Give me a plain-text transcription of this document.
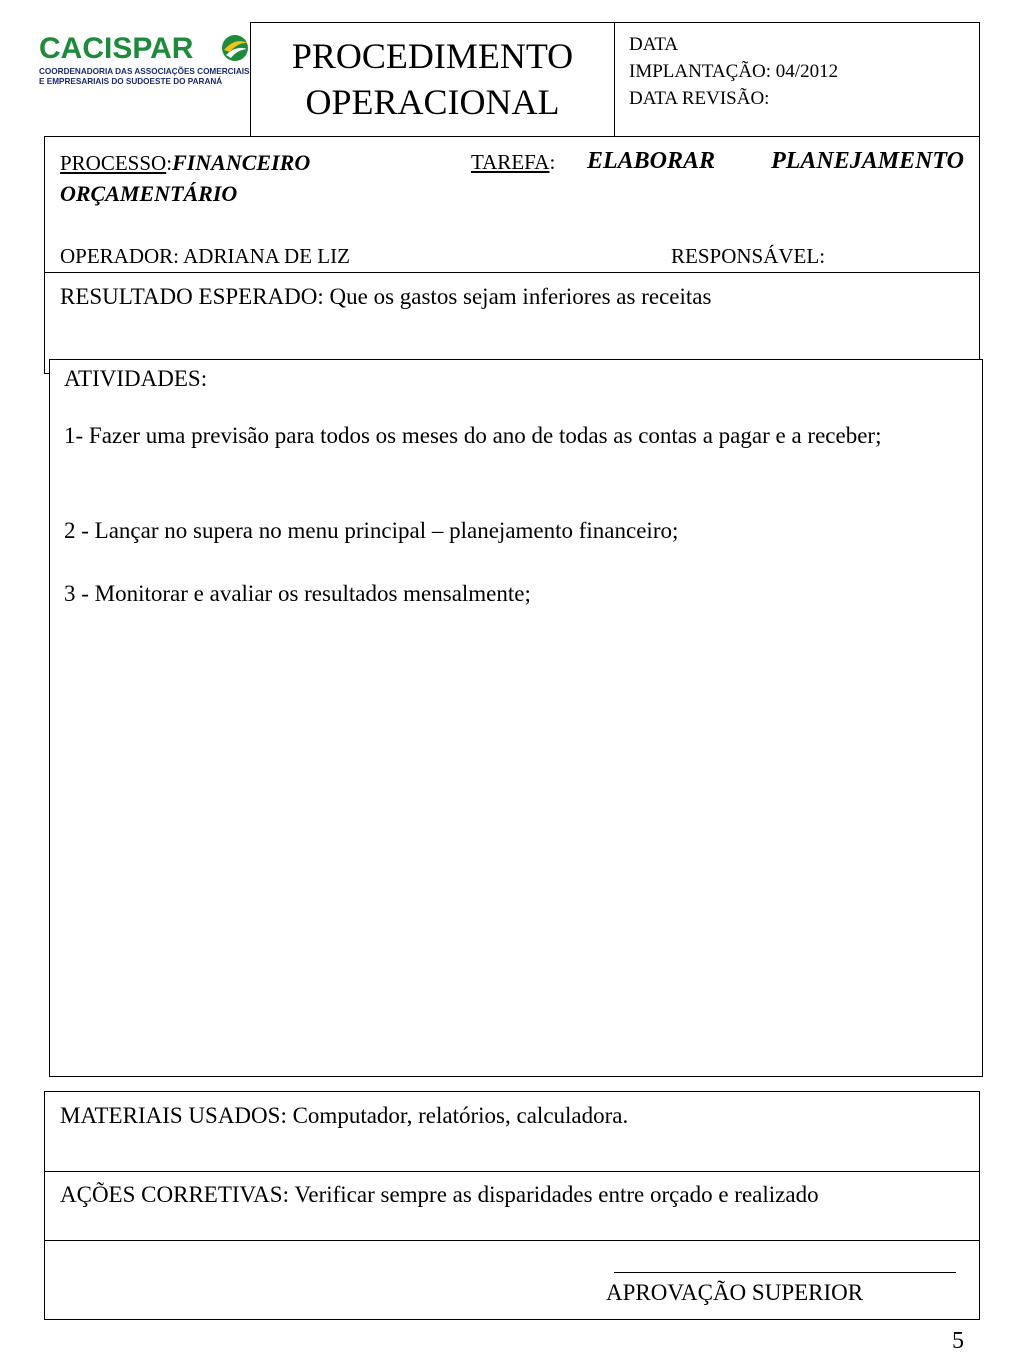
CACISPAR
COORDENADORIA DAS ASSOCIAÇÕES COMERCIAIS
E EMPRESARIAIS DO SUDOESTE DO PARANÁ
PROCEDIMENTO
OPERACIONAL
DATA
IMPLANTAÇÃO: 04/2012
DATA REVISÃO:
PROCESSO:FINANCEIRO	TAREFA: ELABORAR PLANEJAMENTO
ORÇAMENTÁRIO
OPERADOR: ADRIANA DE LIZ	RESPONSÁVEL:
RESULTADO ESPERADO: Que os gastos sejam inferiores as receitas
ATIVIDADES:
1- Fazer uma previsão para todos os meses do ano de todas as contas a pagar e a receber;
2 - Lançar no supera no menu principal – planejamento financeiro;
3 - Monitorar e avaliar os resultados mensalmente;
MATERIAIS USADOS: Computador, relatórios, calculadora.
AÇÕES CORRETIVAS: Verificar sempre as disparidades entre orçado e realizado
APROVAÇÃO SUPERIOR
5
